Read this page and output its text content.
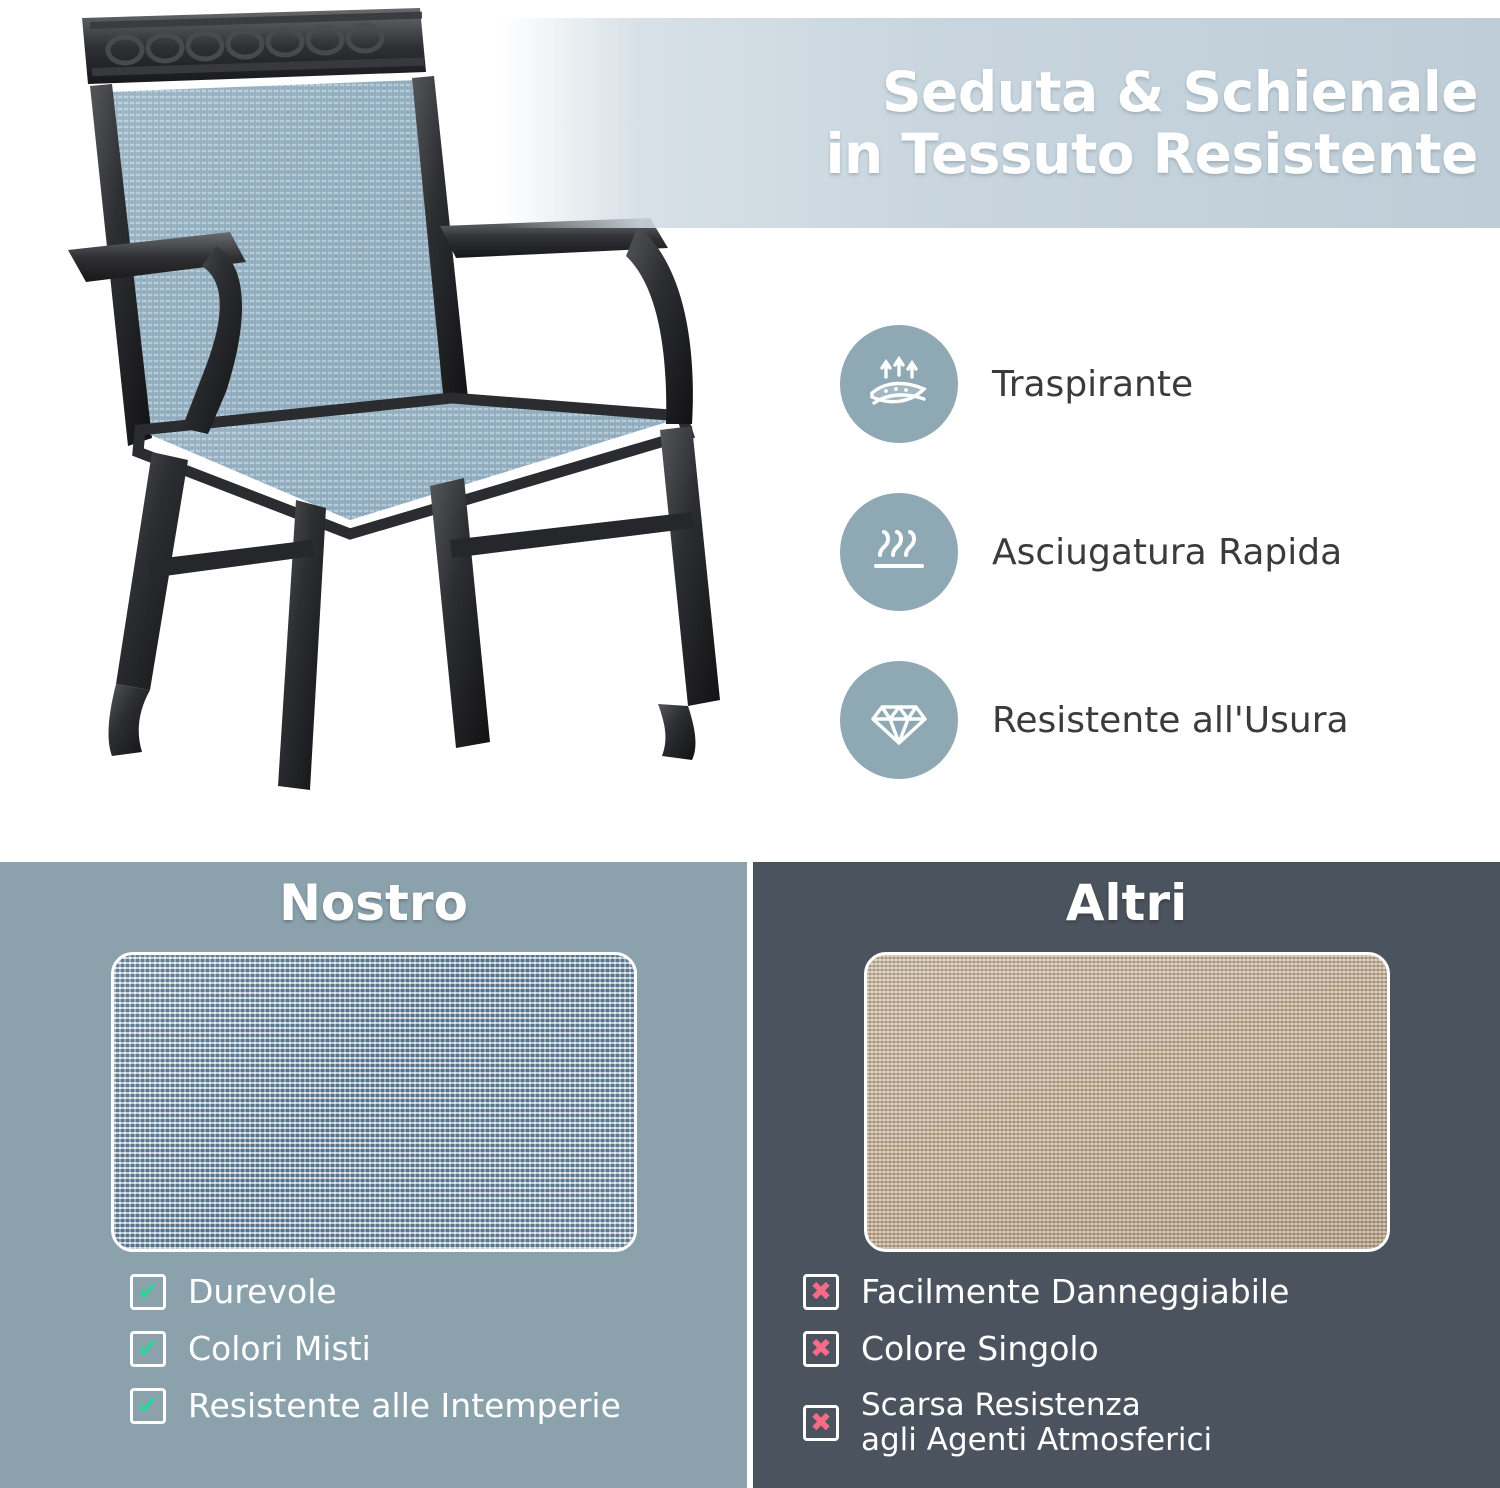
Seduta & Schienale
in Tessuto Resistente
Traspirante
Asciugatura Rapida
Resistente all'Usura
Nostro
✔ Durevole
✔ Colori Misti
✔ Resistente alle Intemperie
Altri
✖ Facilmente Danneggiabile
✖ Colore Singolo
✖ Scarsa Resistenza
agli Agenti Atmosferici
